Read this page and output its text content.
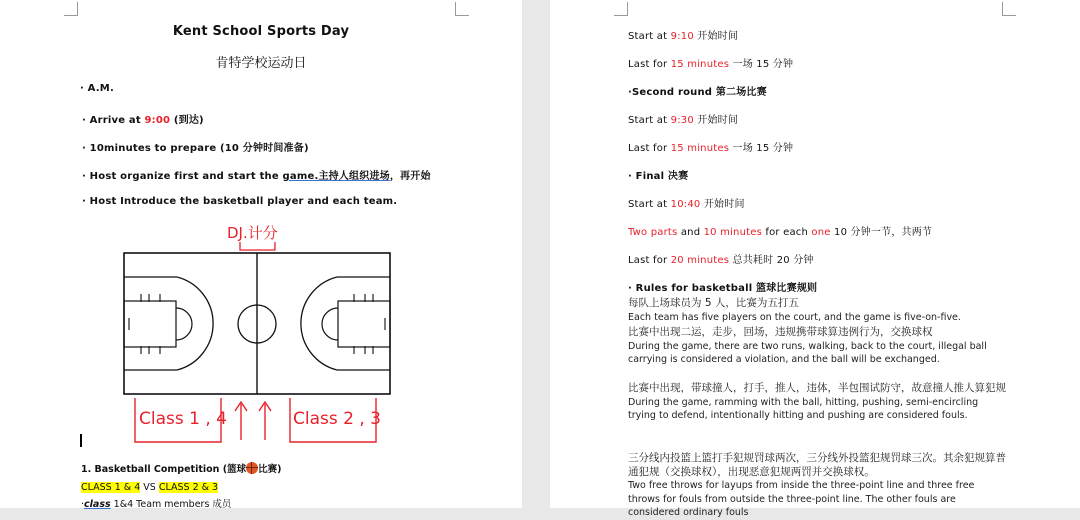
Kent School Sports Day
肯特学校运动日
· A.M.
· Arrive at 9:00 (到达)
· 10minutes to prepare (10 分钟时间准备)
· Host organize first and start the game.主持人组织进场，再开始
· Host Introduce the basketball player and each team.
DJ.计分
Class 1 , 4	Class 2 , 3
1. Basketball Competition (篮球 比赛)
CLASS 1 & 4 VS CLASS 2 & 3
·class 1&4 Team members 成员
Start at 9:10 开始时间
Last for 15 minutes 一场 15 分钟
·Second round 第二场比赛
Start at 9:30 开始时间
Last for 15 minutes 一场 15 分钟
· Final 决赛
Start at 10:40 开始时间
Two parts and 10 minutes for each one 10 分钟一节，共两节
Last for 20 minutes 总共耗时 20 分钟
· Rules for basketball 篮球比赛规则
每队上场球员为 5 人，比赛为五打五
Each team has five players on the court, and the game is five-on-five.
比赛中出现二运，走步，回场，违规携带球算违例行为，交换球权
During the game, there are two runs, walking, back to the court, illegal ball carrying is considered a violation, and the ball will be exchanged.
比赛中出现，带球撞人，打手，推人，违体，半包围试防守，故意撞人推人算犯规
During the game, ramming with the ball, hitting, pushing, semi-encircling trying to defend, intentionally hitting and pushing are considered fouls.
三分线内投篮上篮打手犯规罚球两次，三分线外投篮犯规罚球三次。其余犯规算普通犯规（交换球权），出现恶意犯规两罚并交换球权。
Two free throws for layups from inside the three-point line and three free throws for fouls from outside the three-point line. The other fouls are considered ordinary fouls
